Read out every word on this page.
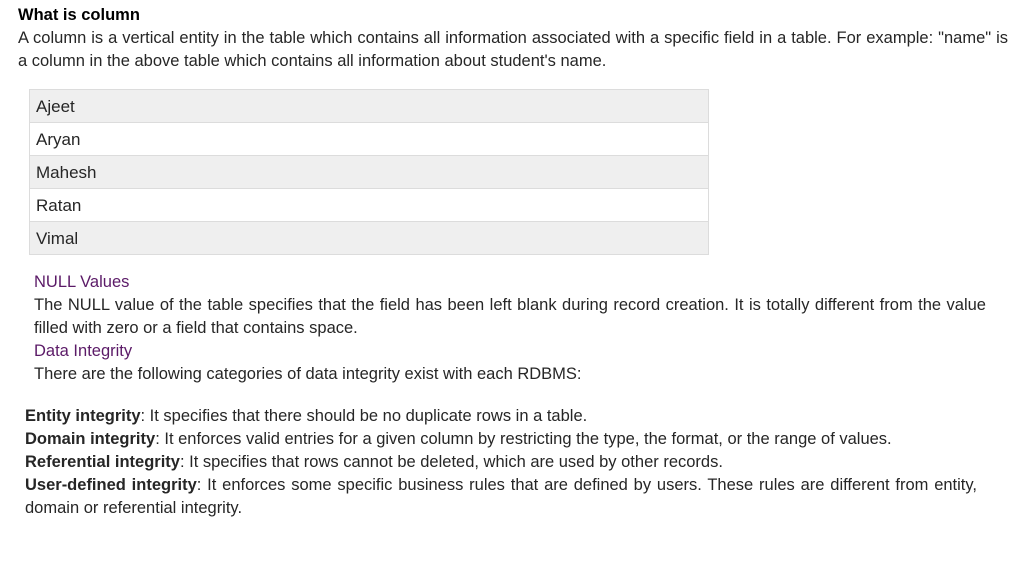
What is column

A column is a vertical entity in the table which contains all information associated with a specific field in a table. For example: "name" is a column in the above table which contains all information about student's name.

Ajeet
Aryan
Mahesh
Ratan
Vimal

NULL Values

The NULL value of the table specifies that the field has been left blank during record creation. It is totally different from the value filled with zero or a field that contains space.

Data Integrity

There are the following categories of data integrity exist with each RDBMS:

Entity integrity: It specifies that there should be no duplicate rows in a table.

Domain integrity: It enforces valid entries for a given column by restricting the type, the format, or the range of values.

Referential integrity: It specifies that rows cannot be deleted, which are used by other records.

User-defined integrity: It enforces some specific business rules that are defined by users. These rules are different from entity, domain or referential integrity.
